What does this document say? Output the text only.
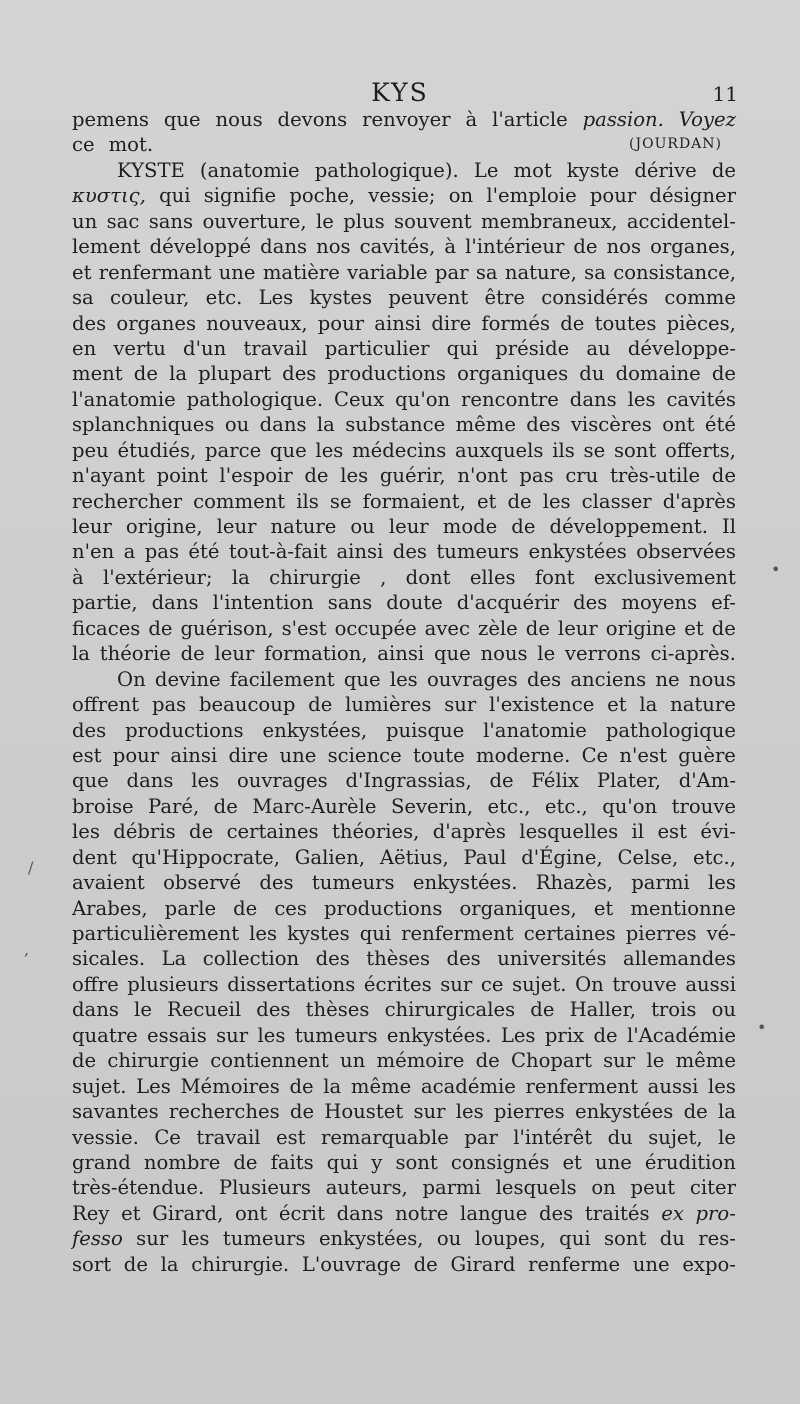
KYS	11
pemens que nous devons renvoyer à l'article passion. Voyez
ce mot.	(JOURDAN)
KYSTE (anatomie pathologique). Le mot kyste dérive de
κυστις, qui signifie poche, vessie; on l'emploie pour désigner
un sac sans ouverture, le plus souvent membraneux, accidentel-
lement développé dans nos cavités, à l'intérieur de nos organes,
et renfermant une matière variable par sa nature, sa consistance,
sa couleur, etc. Les kystes peuvent être considérés comme
des organes nouveaux, pour ainsi dire formés de toutes pièces,
en vertu d'un travail particulier qui préside au développe-
ment de la plupart des productions organiques du domaine de
l'anatomie pathologique. Ceux qu'on rencontre dans les cavités
splanchniques ou dans la substance même des viscères ont été
peu étudiés, parce que les médecins auxquels ils se sont offerts,
n'ayant point l'espoir de les guérir, n'ont pas cru très-utile de
rechercher comment ils se formaient, et de les classer d'après
leur origine, leur nature ou leur mode de développement. Il
n'en a pas été tout-à-fait ainsi des tumeurs enkystées observées
à l'extérieur; la chirurgie , dont elles font exclusivement
partie, dans l'intention sans doute d'acquérir des moyens ef-
ficaces de guérison, s'est occupée avec zèle de leur origine et de
la théorie de leur formation, ainsi que nous le verrons ci-après.
On devine facilement que les ouvrages des anciens ne nous
offrent pas beaucoup de lumières sur l'existence et la nature
des productions enkystées, puisque l'anatomie pathologique
est pour ainsi dire une science toute moderne. Ce n'est guère
que dans les ouvrages d'Ingrassias, de Félix Plater, d'Am-
broise Paré, de Marc-Aurèle Severin, etc., etc., qu'on trouve
les débris de certaines théories, d'après lesquelles il est évi-
dent qu'Hippocrate, Galien, Aëtius, Paul d'Égine, Celse, etc.,
avaient observé des tumeurs enkystées. Rhazès, parmi les
Arabes, parle de ces productions organiques, et mentionne
particulièrement les kystes qui renferment certaines pierres vé-
sicales. La collection des thèses des universités allemandes
offre plusieurs dissertations écrites sur ce sujet. On trouve aussi
dans le Recueil des thèses chirurgicales de Haller, trois ou
quatre essais sur les tumeurs enkystées. Les prix de l'Académie
de chirurgie contiennent un mémoire de Chopart sur le même
sujet. Les Mémoires de la même académie renferment aussi les
savantes recherches de Houstet sur les pierres enkystées de la
vessie. Ce travail est remarquable par l'intérêt du sujet, le
grand nombre de faits qui y sont consignés et une érudition
très-étendue. Plusieurs auteurs, parmi lesquels on peut citer
Rey et Girard, ont écrit dans notre langue des traités ex pro-
fesso sur les tumeurs enkystées, ou loupes, qui sont du res-
sort de la chirurgie. L'ouvrage de Girard renferme une expo-
/
,
•
•
